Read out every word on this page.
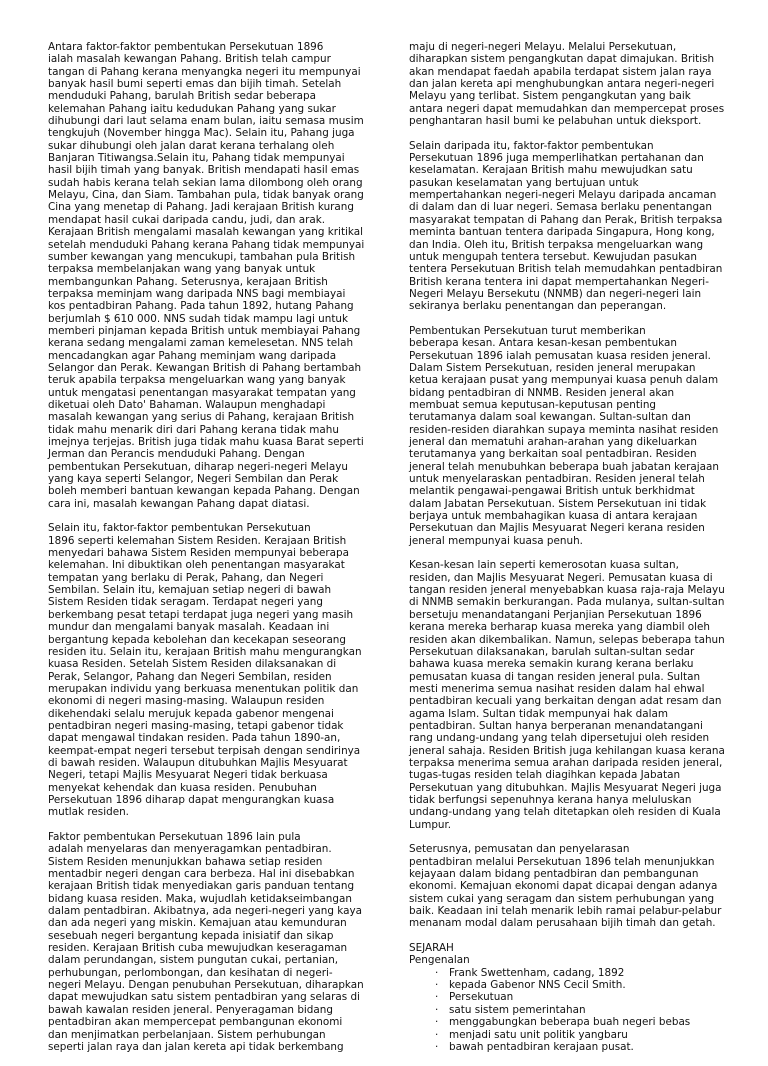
Antara faktor-faktor pembentukan Persekutuan 1896
ialah masalah kewangan Pahang. British telah campur
tangan di Pahang kerana menyangka negeri itu mempunyai
banyak hasil bumi seperti emas dan bijih timah. Setelah
menduduki Pahang, barulah British sedar beberapa
kelemahan Pahang iaitu kedudukan Pahang yang sukar
dihubungi dari laut selama enam bulan, iaitu semasa musim
tengkujuh (November hingga Mac). Selain itu, Pahang juga
sukar dihubungi oleh jalan darat kerana terhalang oleh
Banjaran Titiwangsa.Selain itu, Pahang tidak mempunyai
hasil bijih timah yang banyak. British mendapati hasil emas
sudah habis kerana telah sekian lama dilombong oleh orang
Melayu, Cina, dan Siam. Tambahan pula, tidak banyak orang
Cina yang menetap di Pahang. Jadi kerajaan British kurang
mendapat hasil cukai daripada candu, judi, dan arak.
Kerajaan British mengalami masalah kewangan yang kritikal
setelah menduduki Pahang kerana Pahang tidak mempunyai
sumber kewangan yang mencukupi, tambahan pula British
terpaksa membelanjakan wang yang banyak untuk
membangunkan Pahang. Seterusnya, kerajaan British
terpaksa meminjam wang daripada NNS bagi membiayai
kos pentadbiran Pahang. Pada tahun 1892, hutang Pahang
berjumlah $ 610 000. NNS sudah tidak mampu lagi untuk
memberi pinjaman kepada British untuk membiayai Pahang
kerana sedang mengalami zaman kemelesetan. NNS telah
mencadangkan agar Pahang meminjam wang daripada
Selangor dan Perak. Kewangan British di Pahang bertambah
teruk apabila terpaksa mengeluarkan wang yang banyak
untuk mengatasi penentangan masyarakat tempatan yang
diketuai oleh Dato' Bahaman. Walaupun menghadapi
masalah kewangan yang serius di Pahang, kerajaan British
tidak mahu menarik diri dari Pahang kerana tidak mahu
imejnya terjejas. British juga tidak mahu kuasa Barat seperti
Jerman dan Perancis menduduki Pahang. Dengan
pembentukan Persekutuan, diharap negeri-negeri Melayu
yang kaya seperti Selangor, Negeri Sembilan dan Perak
boleh memberi bantuan kewangan kepada Pahang. Dengan
cara ini, masalah kewangan Pahang dapat diatasi.

Selain itu, faktor-faktor pembentukan Persekutuan
1896 seperti kelemahan Sistem Residen. Kerajaan British
menyedari bahawa Sistem Residen mempunyai beberapa
kelemahan. Ini dibuktikan oleh penentangan masyarakat
tempatan yang berlaku di Perak, Pahang, dan Negeri
Sembilan. Selain itu, kemajuan setiap negeri di bawah
Sistem Residen tidak seragam. Terdapat negeri yang
berkembang pesat tetapi terdapat juga negeri yang masih
mundur dan mengalami banyak masalah. Keadaan ini
bergantung kepada kebolehan dan kecekapan seseorang
residen itu. Selain itu, kerajaan British mahu mengurangkan
kuasa Residen. Setelah Sistem Residen dilaksanakan di
Perak, Selangor, Pahang dan Negeri Sembilan, residen
merupakan individu yang berkuasa menentukan politik dan
ekonomi di negeri masing-masing. Walaupun residen
dikehendaki selalu merujuk kepada gabenor mengenai
pentadbiran negeri masing-masing, tetapi gabenor tidak
dapat mengawal tindakan residen. Pada tahun 1890-an,
keempat-empat negeri tersebut terpisah dengan sendirinya
di bawah residen. Walaupun ditubuhkan Majlis Mesyuarat
Negeri, tetapi Majlis Mesyuarat Negeri tidak berkuasa
menyekat kehendak dan kuasa residen. Penubuhan
Persekutuan 1896 diharap dapat mengurangkan kuasa
mutlak residen.

Faktor pembentukan Persekutuan 1896 lain pula
adalah menyelaras dan menyeragamkan pentadbiran.
Sistem Residen menunjukkan bahawa setiap residen
mentadbir negeri dengan cara berbeza. Hal ini disebabkan
kerajaan British tidak menyediakan garis panduan tentang
bidang kuasa residen. Maka, wujudlah ketidakseimbangan
dalam pentadbiran. Akibatnya, ada negeri-negeri yang kaya
dan ada negeri yang miskin. Kemajuan atau kemunduran
sesebuah negeri bergantung kepada inisiatif dan sikap
residen. Kerajaan British cuba mewujudkan keseragaman
dalam perundangan, sistem pungutan cukai, pertanian,
perhubungan, perlombongan, dan kesihatan di negeri-
negeri Melayu. Dengan penubuhan Persekutuan, diharapkan
dapat mewujudkan satu sistem pentadbiran yang selaras di
bawah kawalan residen jeneral. Penyeragaman bidang
pentadbiran akan mempercepat pembangunan ekonomi
dan menjimatkan perbelanjaan. Sistem perhubungan
seperti jalan raya dan jalan kereta api tidak berkembang

maju di negeri-negeri Melayu. Melalui Persekutuan,
diharapkan sistem pengangkutan dapat dimajukan. British
akan mendapat faedah apabila terdapat sistem jalan raya
dan jalan kereta api menghubungkan antara negeri-negeri
Melayu yang terlibat. Sistem pengangkutan yang baik
antara negeri dapat memudahkan dan mempercepat proses
penghantaran hasil bumi ke pelabuhan untuk dieksport.

Selain daripada itu, faktor-faktor pembentukan
Persekutuan 1896 juga memperlihatkan pertahanan dan
keselamatan. Kerajaan British mahu mewujudkan satu
pasukan keselamatan yang bertujuan untuk
mempertahankan negeri-negeri Melayu daripada ancaman
di dalam dan di luar negeri. Semasa berlaku penentangan
masyarakat tempatan di Pahang dan Perak, British terpaksa
meminta bantuan tentera daripada Singapura, Hong kong,
dan India. Oleh itu, British terpaksa mengeluarkan wang
untuk mengupah tentera tersebut. Kewujudan pasukan
tentera Persekutuan British telah memudahkan pentadbiran
British kerana tentera ini dapat mempertahankan Negeri-
Negeri Melayu Bersekutu (NNMB) dan negeri-negeri lain
sekiranya berlaku penentangan dan peperangan.

Pembentukan Persekutuan turut memberikan
beberapa kesan. Antara kesan-kesan pembentukan
Persekutuan 1896 ialah pemusatan kuasa residen jeneral.
Dalam Sistem Persekutuan, residen jeneral merupakan
ketua kerajaan pusat yang mempunyai kuasa penuh dalam
bidang pentadbiran di NNMB. Residen jeneral akan
membuat semua keputusan-keputusan penting
terutamanya dalam soal kewangan. Sultan-sultan dan
residen-residen diarahkan supaya meminta nasihat residen
jeneral dan mematuhi arahan-arahan yang dikeluarkan
terutamanya yang berkaitan soal pentadbiran. Residen
jeneral telah menubuhkan beberapa buah jabatan kerajaan
untuk menyelaraskan pentadbiran. Residen jeneral telah
melantik pengawai-pengawai British untuk berkhidmat
dalam Jabatan Persekutuan. Sistem Persekutuan ini tidak
berjaya untuk membahagikan kuasa di antara kerajaan
Persekutuan dan Majlis Mesyuarat Negeri kerana residen
jeneral mempunyai kuasa penuh.

Kesan-kesan lain seperti kemerosotan kuasa sultan,
residen, dan Majlis Mesyuarat Negeri. Pemusatan kuasa di
tangan residen jeneral menyebabkan kuasa raja-raja Melayu
di NNMB semakin berkurangan. Pada mulanya, sultan-sultan
bersetuju menandatangani Perjanjian Persekutuan 1896
kerana mereka berharap kuasa mereka yang diambil oleh
residen akan dikembalikan. Namun, selepas beberapa tahun
Persekutuan dilaksanakan, barulah sultan-sultan sedar
bahawa kuasa mereka semakin kurang kerana berlaku
pemusatan kuasa di tangan residen jeneral pula. Sultan
mesti menerima semua nasihat residen dalam hal ehwal
pentadbiran kecuali yang berkaitan dengan adat resam dan
agama Islam. Sultan tidak mempunyai hak dalam
pentadbiran. Sultan hanya berperanan menandatangani
rang undang-undang yang telah dipersetujui oleh residen
jeneral sahaja. Residen British juga kehilangan kuasa kerana
terpaksa menerima semua arahan daripada residen jeneral,
tugas-tugas residen telah diagihkan kepada Jabatan
Persekutuan yang ditubuhkan. Majlis Mesyuarat Negeri juga
tidak berfungsi sepenuhnya kerana hanya meluluskan
undang-undang yang telah ditetapkan oleh residen di Kuala
Lumpur.

Seterusnya, pemusatan dan penyelarasan
pentadbiran melalui Persekutuan 1896 telah menunjukkan
kejayaan dalam bidang pentadbiran dan pembangunan
ekonomi. Kemajuan ekonomi dapat dicapai dengan adanya
sistem cukai yang seragam dan sistem perhubungan yang
baik. Keadaan ini telah menarik lebih ramai pelabur-pelabur
menanam modal dalam perusahaan bijih timah dan getah.

SEJARAH
Pengenalan
· Frank Swettenham, cadang, 1892
· kepada Gabenor NNS Cecil Smith.
· Persekutuan
· satu sistem pemerintahan
· menggabungkan beberapa buah negeri bebas
· menjadi satu unit politik yangbaru
· bawah pentadbiran kerajaan pusat.
